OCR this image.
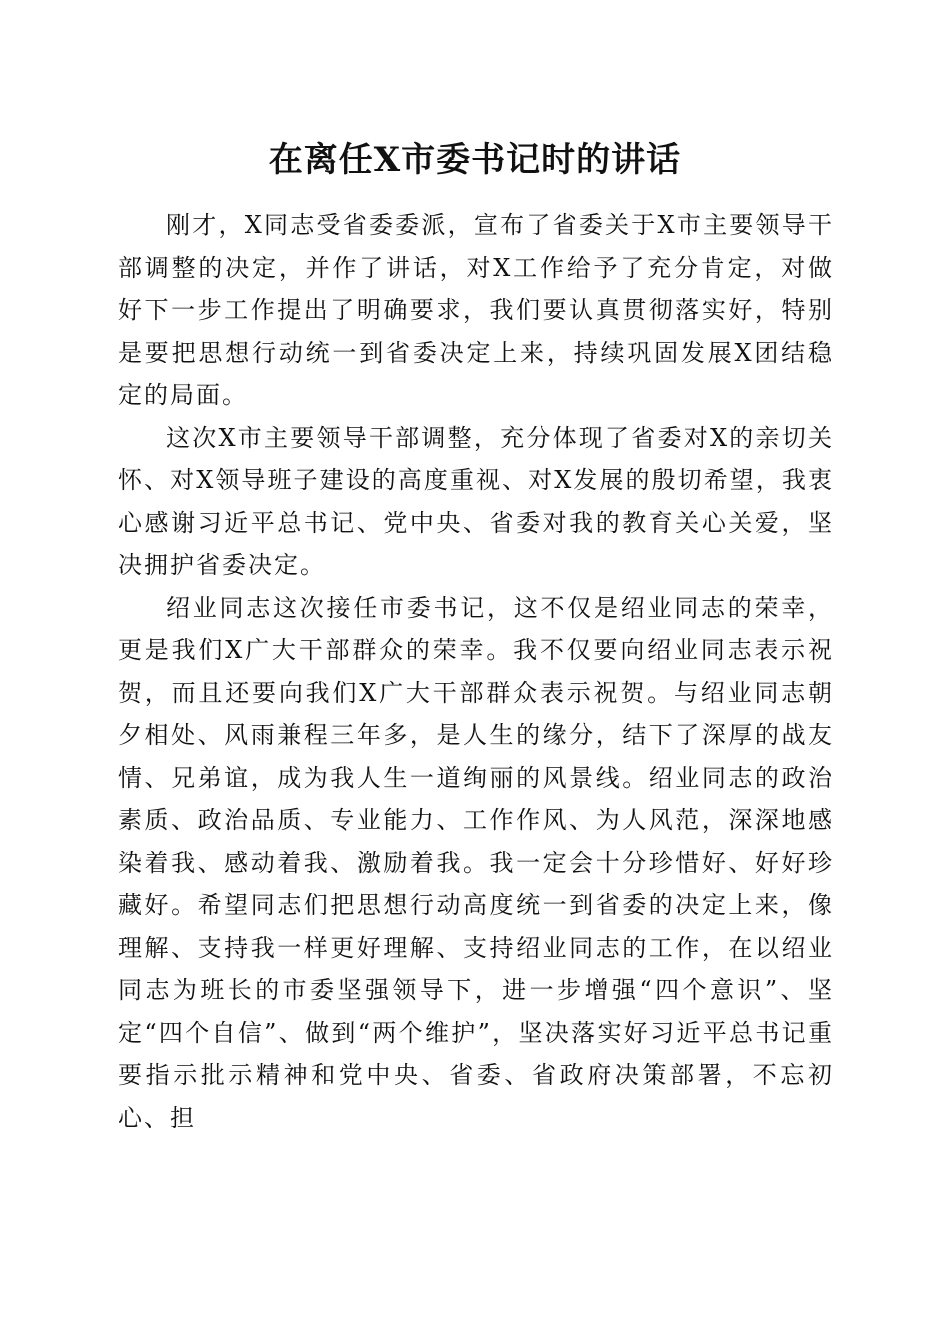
在离任X市委书记时的讲话

刚才，X同志受省委委派，宣布了省委关于X市主要领导干部调整的决定，并作了讲话，对X工作给予了充分肯定，对做好下一步工作提出了明确要求，我们要认真贯彻落实好，特别是要把思想行动统一到省委决定上来，持续巩固发展X团结稳定的局面。

这次X市主要领导干部调整，充分体现了省委对X的亲切关怀、对X领导班子建设的高度重视、对X发展的殷切希望，我衷心感谢习近平总书记、党中央、省委对我的教育关心关爱，坚决拥护省委决定。

绍业同志这次接任市委书记，这不仅是绍业同志的荣幸，更是我们X广大干部群众的荣幸。我不仅要向绍业同志表示祝贺，而且还要向我们X广大干部群众表示祝贺。与绍业同志朝夕相处、风雨兼程三年多，是人生的缘分，结下了深厚的战友情、兄弟谊，成为我人生一道绚丽的风景线。绍业同志的政治素质、政治品质、专业能力、工作作风、为人风范，深深地感染着我、感动着我、激励着我。我一定会十分珍惜好、好好珍藏好。希望同志们把思想行动高度统一到省委的决定上来，像理解、支持我一样更好理解、支持绍业同志的工作，在以绍业同志为班长的市委坚强领导下，进一步增强“四个意识”、坚定“四个自信”、做到“两个维护”，坚决落实好习近平总书记重要指示批示精神和党中央、省委、省政府决策部署，不忘初心、担
